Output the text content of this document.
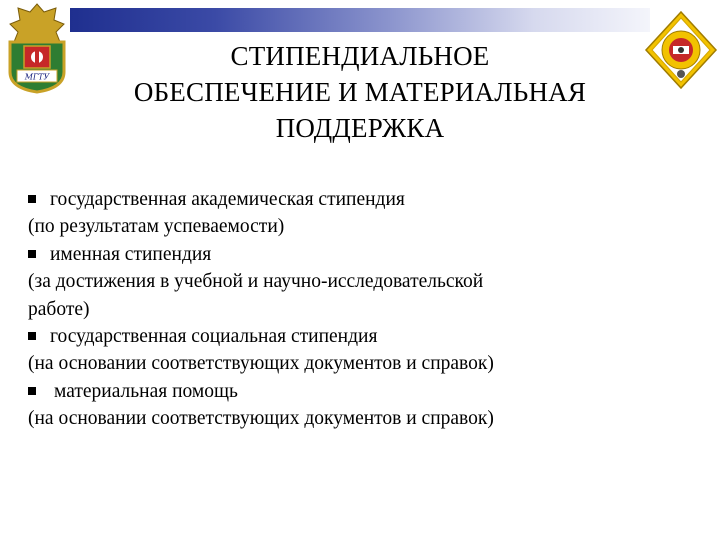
МГТУ
СТИПЕНДИАЛЬНОЕ
ОБЕСПЕЧЕНИЕ И МАТЕРИАЛЬНАЯ
ПОДДЕРЖКА
государственная академическая стипендия
(по результатам успеваемости)
именная стипендия
(за достижения в учебной и научно-исследовательской
работе)
государственная социальная стипендия
(на основании соответствующих документов и справок)
материальная помощь
(на основании соответствующих документов и справок)
